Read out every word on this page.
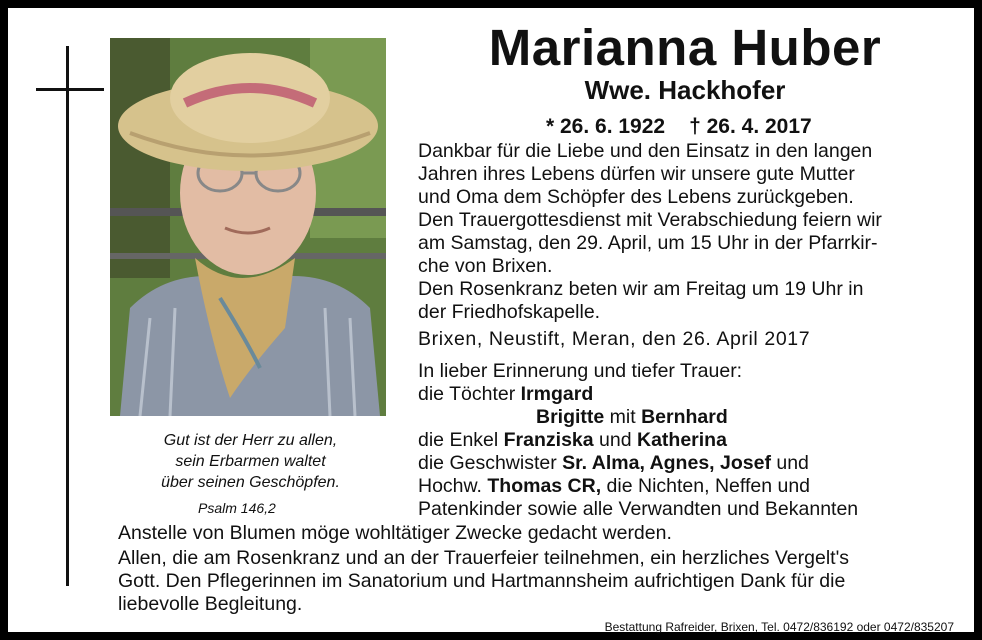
Marianna Huber
Wwe. Hackhofer
* 26. 6. 1922 † 26. 4. 2017
Dankbar für die Liebe und den Einsatz in den langen
Jahren ihres Lebens dürfen wir unsere gute Mutter
und Oma dem Schöpfer des Lebens zurückgeben.
Den Trauergottesdienst mit Verabschiedung feiern wir
am Samstag, den 29. April, um 15 Uhr in der Pfarrkir-
che von Brixen.
Den Rosenkranz beten wir am Freitag um 19 Uhr in
der Friedhofskapelle.
Brixen, Neustift, Meran, den 26. April 2017
In lieber Erinnerung und tiefer Trauer:
die Töchter Irmgard
Brigitte mit Bernhard
die Enkel Franziska und Katherina
die Geschwister Sr. Alma, Agnes, Josef und
Hochw. Thomas CR, die Nichten, Neffen und
Patenkinder sowie alle Verwandten und Bekannten
Anstelle von Blumen möge wohltätiger Zwecke gedacht werden.
Allen, die am Rosenkranz und an der Trauerfeier teilnehmen, ein herzliches Vergelt's
Gott. Den Pflegerinnen im Sanatorium und Hartmannsheim aufrichtigen Dank für die
liebevolle Begleitung.
Gut ist der Herr zu allen,
sein Erbarmen waltet
über seinen Geschöpfen.
Psalm 146,2
Bestattung Rafreider, Brixen, Tel. 0472/836192 oder 0472/835207
